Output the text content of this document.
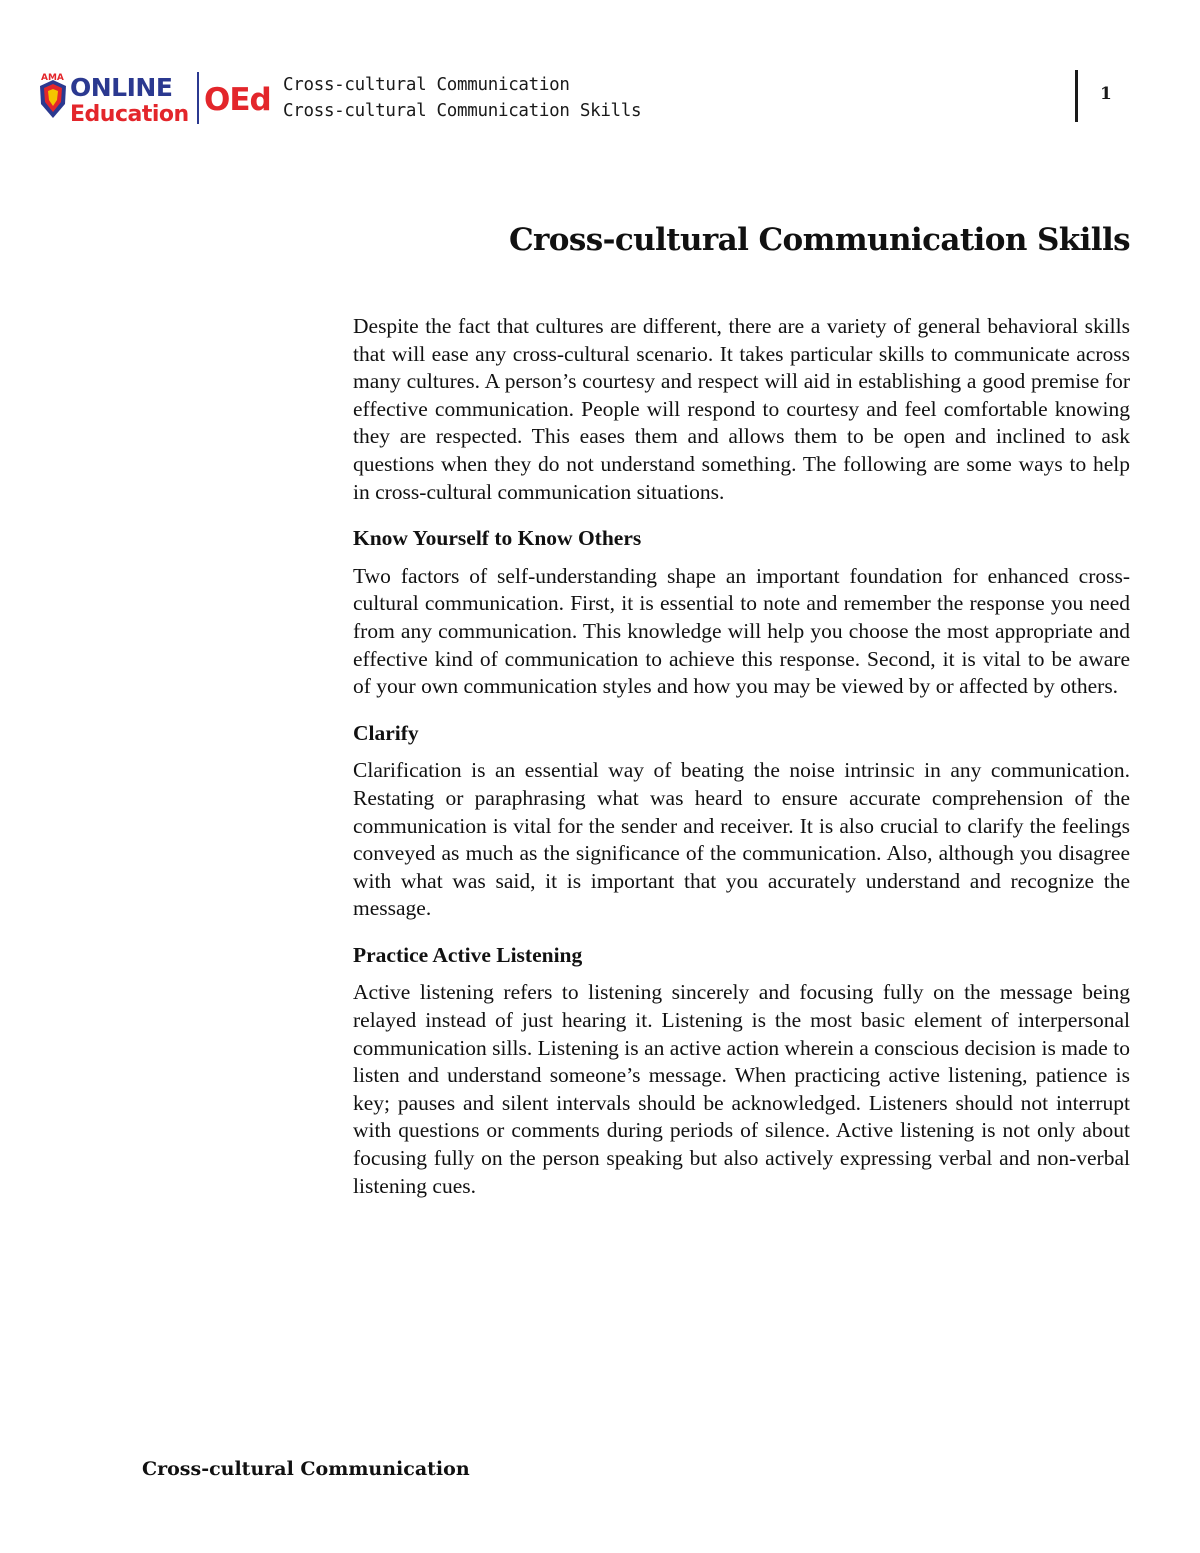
AMA ONLINE
Education OEd Cross-cultural Communication
Cross-cultural Communication Skills
1
Cross-cultural Communication Skills

Despite the fact that cultures are different, there are a variety of general behavioral skills that will ease any cross-cultural scenario. It takes particular skills to communicate across many cultures. A person’s courtesy and respect will aid in establishing a good premise for effective communication. People will respond to courtesy and feel comfortable knowing they are respected. This eases them and allows them to be open and inclined to ask questions when they do not understand something. The following are some ways to help in cross-cultural communication situations.

Know Yourself to Know Others

Two factors of self-understanding shape an important foundation for enhanced cross-cultural communication. First, it is essential to note and remember the response you need from any communication. This knowledge will help you choose the most appropriate and effective kind of communication to achieve this response. Second, it is vital to be aware of your own communication styles and how you may be viewed by or affected by others.

Clarify

Clarification is an essential way of beating the noise intrinsic in any communication. Restating or paraphrasing what was heard to ensure accurate comprehension of the communication is vital for the sender and receiver. It is also crucial to clarify the feelings conveyed as much as the significance of the communication. Also, although you disagree with what was said, it is important that you accurately understand and recognize the message.

Practice Active Listening

Active listening refers to listening sincerely and focusing fully on the message being relayed instead of just hearing it. Listening is the most basic element of interpersonal communication sills. Listening is an active action wherein a conscious decision is made to listen and understand someone’s message. When practicing active listening, patience is key; pauses and silent intervals should be acknowledged. Listeners should not interrupt with questions or comments during periods of silence. Active listening is not only about focusing fully on the person speaking but also actively expressing verbal and non-verbal listening cues.

Cross-cultural Communication
